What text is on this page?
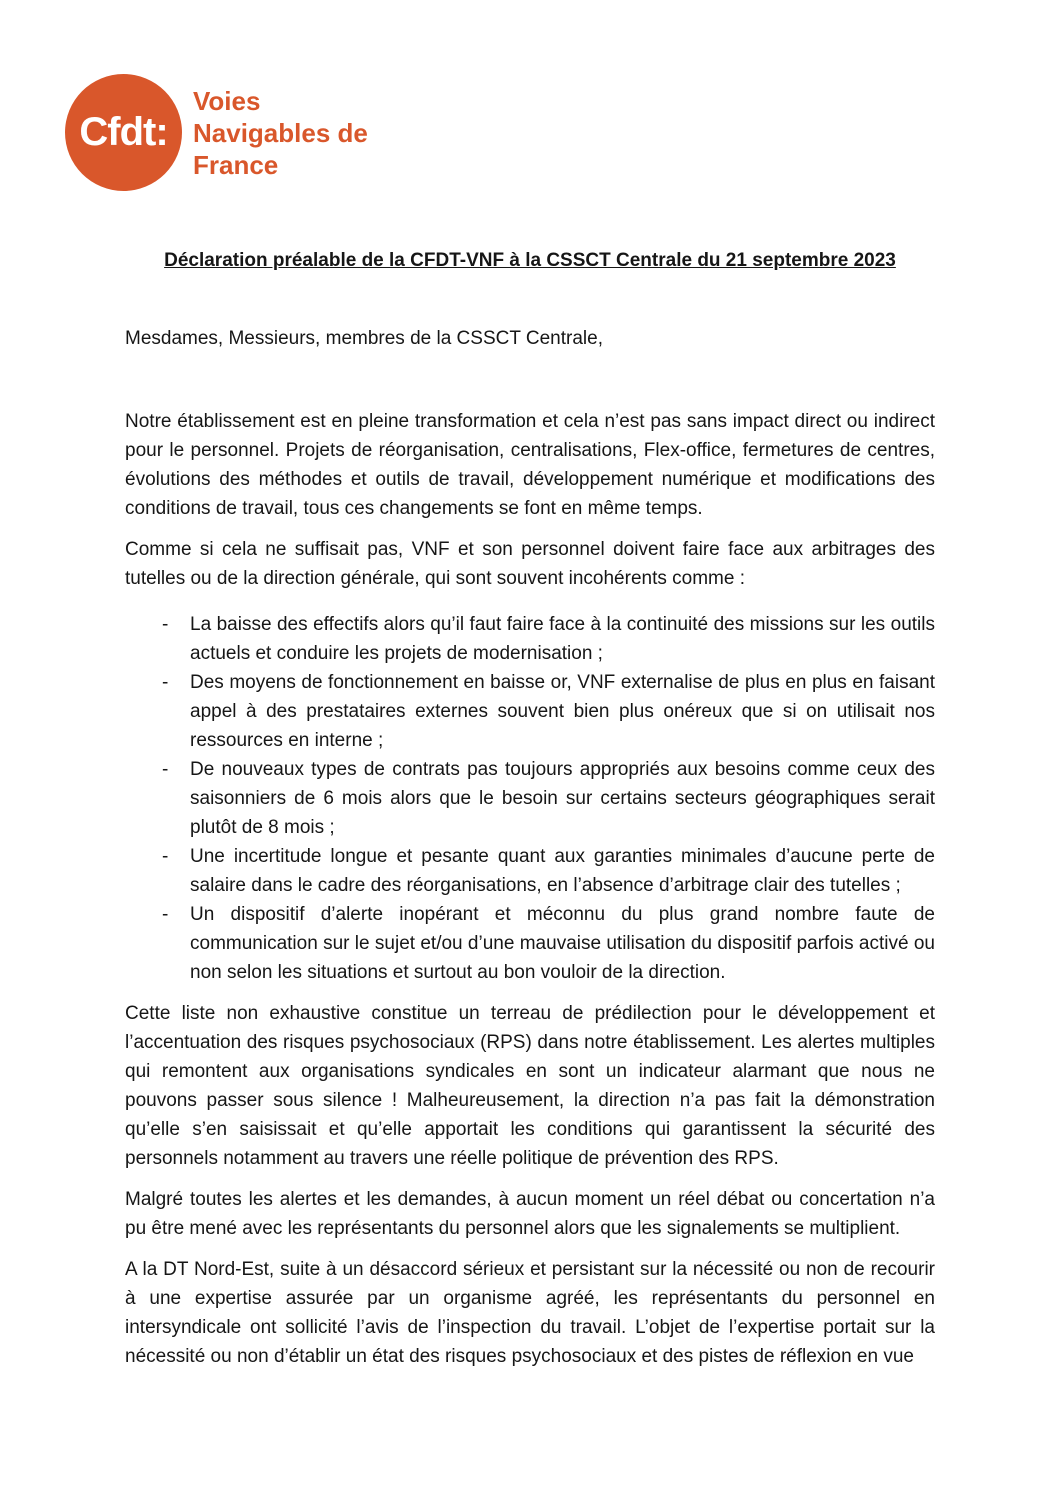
Cfdt:
Voies
Navigables de
France
Déclaration préalable de la CFDT-VNF à la CSSCT Centrale du 21 septembre 2023

Mesdames, Messieurs, membres de la CSSCT Centrale,

Notre établissement est en pleine transformation et cela n’est pas sans impact direct ou indirect pour le personnel. Projets de réorganisation, centralisations, Flex-office, fermetures de centres, évolutions des méthodes et outils de travail, développement numérique et modifications des conditions de travail, tous ces changements se font en même temps.

Comme si cela ne suffisait pas, VNF et son personnel doivent faire face aux arbitrages des tutelles ou de la direction générale, qui sont souvent incohérents comme :

-	La baisse des effectifs alors qu’il faut faire face à la continuité des missions sur les outils actuels et conduire les projets de modernisation ;
-	Des moyens de fonctionnement en baisse or, VNF externalise de plus en plus en faisant appel à des prestataires externes souvent bien plus onéreux que si on utilisait nos ressources en interne ;
-	De nouveaux types de contrats pas toujours appropriés aux besoins comme ceux des saisonniers de 6 mois alors que le besoin sur certains secteurs géographiques serait plutôt de 8 mois ;
-	Une incertitude longue et pesante quant aux garanties minimales d’aucune perte de salaire dans le cadre des réorganisations, en l’absence d’arbitrage clair des tutelles ;
-	Un dispositif d’alerte inopérant et méconnu du plus grand nombre faute de communication sur le sujet et/ou d’une mauvaise utilisation du dispositif parfois activé ou non selon les situations et surtout au bon vouloir de la direction.

Cette liste non exhaustive constitue un terreau de prédilection pour le développement et l’accentuation des risques psychosociaux (RPS) dans notre établissement. Les alertes multiples qui remontent aux organisations syndicales en sont un indicateur alarmant que nous ne pouvons passer sous silence ! Malheureusement, la direction n’a pas fait la démonstration qu’elle s’en saisissait et qu’elle apportait les conditions qui garantissent la sécurité des personnels notamment au travers une réelle politique de prévention des RPS.

Malgré toutes les alertes et les demandes, à aucun moment un réel débat ou concertation n’a pu être mené avec les représentants du personnel alors que les signalements se multiplient.

A la DT Nord-Est, suite à un désaccord sérieux et persistant sur la nécessité ou non de recourir à une expertise assurée par un organisme agréé, les représentants du personnel en intersyndicale ont sollicité l’avis de l’inspection du travail. L’objet de l’expertise portait sur la nécessité ou non d’établir un état des risques psychosociaux et des pistes de réflexion en vue
